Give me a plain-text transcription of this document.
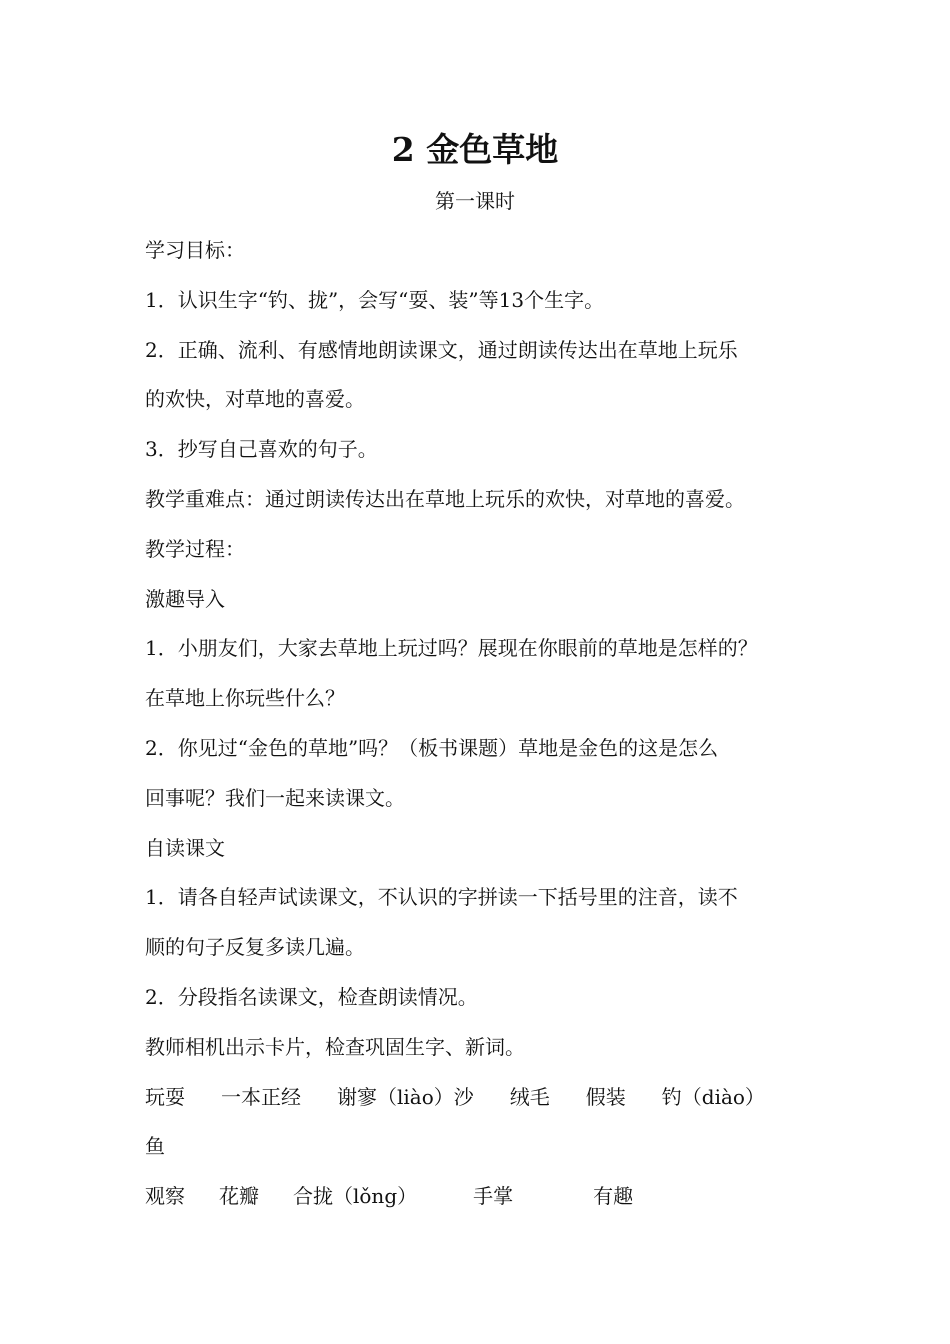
2 金色草地
第一课时

学习目标：

1．认识生字“钓、拢”，会写“耍、装”等13个生字。

2．正确、流利、有感情地朗读课文，通过朗读传达出在草地上玩乐

的欢快，对草地的喜爱。

3．抄写自己喜欢的句子。

教学重难点：通过朗读传达出在草地上玩乐的欢快，对草地的喜爱。

教学过程：

激趣导入

1．小朋友们，大家去草地上玩过吗？展现在你眼前的草地是怎样的？

在草地上你玩些什么？

2．你见过“金色的草地”吗？（板书课题）草地是金色的这是怎么

回事呢？我们一起来读课文。

自读课文

1．请各自轻声试读课文，不认识的字拼读一下括号里的注音，读不

顺的句子反复多读几遍。

2．分段指名读课文，检查朗读情况。

教师相机出示卡片，检查巩固生字、新词。

玩耍 一本正经 谢寥（liào）沙 绒毛 假装 钓（diào）

鱼

观察 花瓣 合拢（lǒng）	手掌	有趣
